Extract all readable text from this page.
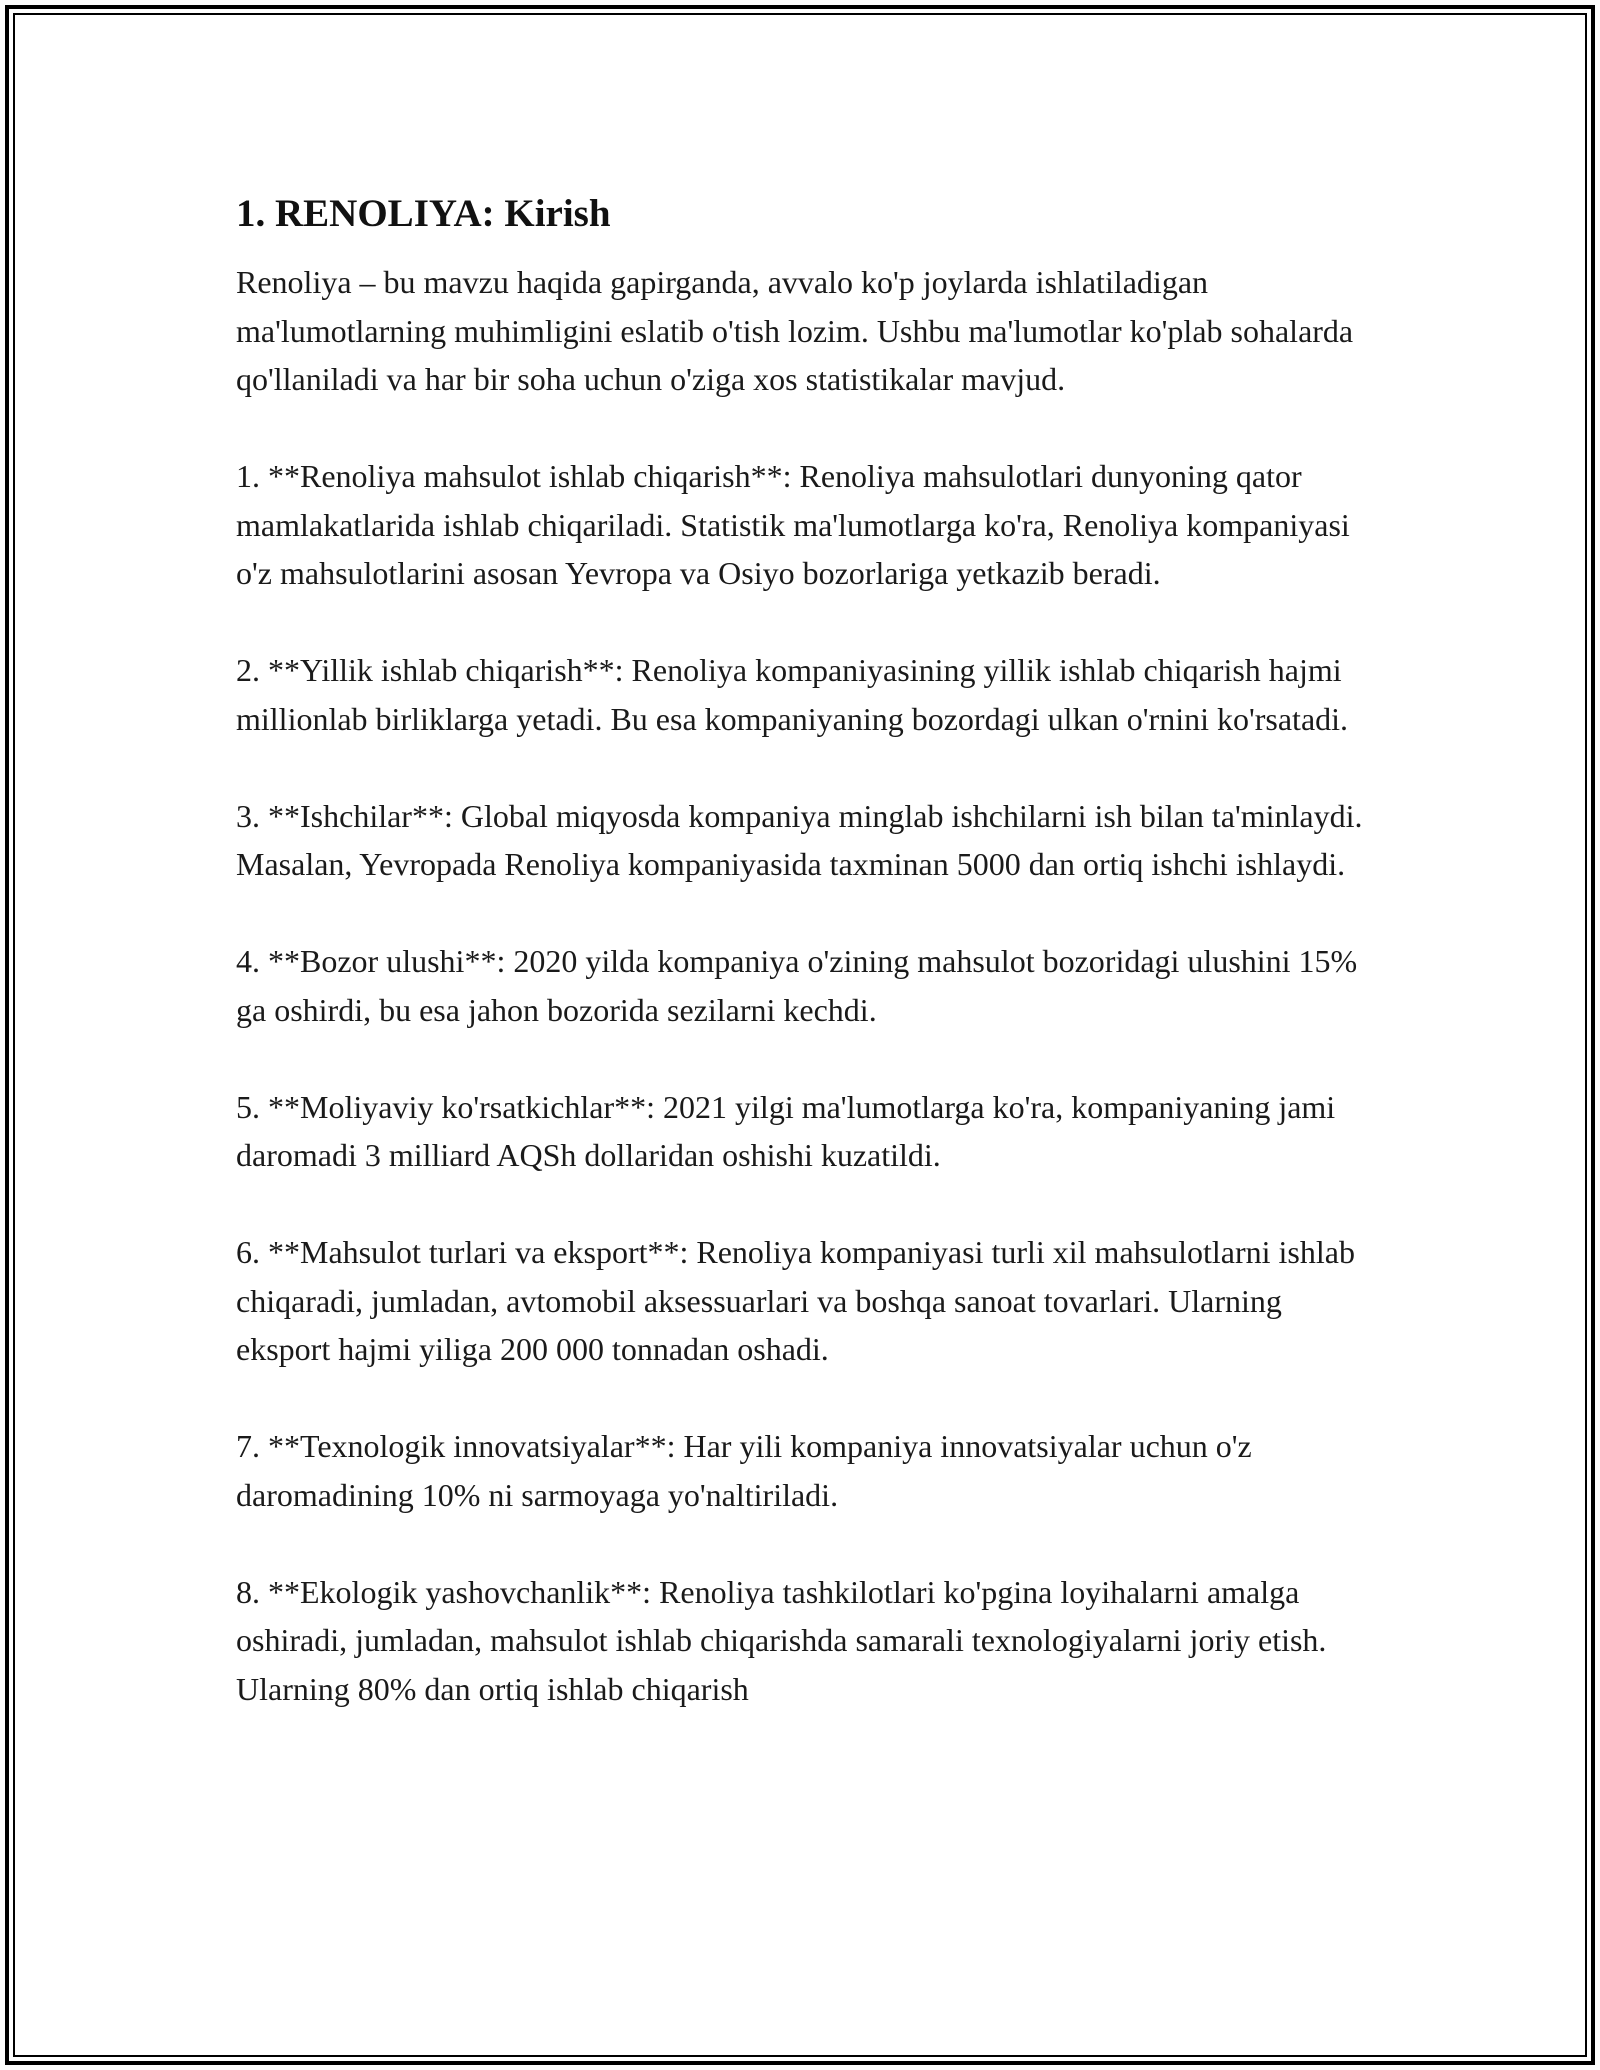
1. RENOLIYA: Kirish

Renoliya – bu mavzu haqida gapirganda, avvalo ko'p joylarda ishlatiladigan ma'lumotlarning muhimligini eslatib o'tish lozim. Ushbu ma'lumotlar ko'plab sohalarda qo'llaniladi va har bir soha uchun o'ziga xos statistikalar mavjud.

1. **Renoliya mahsulot ishlab chiqarish**: Renoliya mahsulotlari dunyoning qator mamlakatlarida ishlab chiqariladi. Statistik ma'lumotlarga ko'ra, Renoliya kompaniyasi o'z mahsulotlarini asosan Yevropa va Osiyo bozorlariga yetkazib beradi.

2. **Yillik ishlab chiqarish**: Renoliya kompaniyasining yillik ishlab chiqarish hajmi millionlab birliklarga yetadi. Bu esa kompaniyaning bozordagi ulkan o'rnini ko'rsatadi.

3. **Ishchilar**: Global miqyosda kompaniya minglab ishchilarni ish bilan ta'minlaydi. Masalan, Yevropada Renoliya kompaniyasida taxminan 5000 dan ortiq ishchi ishlaydi.

4. **Bozor ulushi**: 2020 yilda kompaniya o'zining mahsulot bozoridagi ulushini 15% ga oshirdi, bu esa jahon bozorida sezilarni kechdi.

5. **Moliyaviy ko'rsatkichlar**: 2021 yilgi ma'lumotlarga ko'ra, kompaniyaning jami daromadi 3 milliard AQSh dollaridan oshishi kuzatildi.

6. **Mahsulot turlari va eksport**: Renoliya kompaniyasi turli xil mahsulotlarni ishlab chiqaradi, jumladan, avtomobil aksessuarlari va boshqa sanoat tovarlari. Ularning eksport hajmi yiliga 200 000 tonnadan oshadi.

7. **Texnologik innovatsiyalar**: Har yili kompaniya innovatsiyalar uchun o'z daromadining 10% ni sarmoyaga yo'naltiriladi.

8. **Ekologik yashovchanlik**: Renoliya tashkilotlari ko'pgina loyihalarni amalga oshiradi, jumladan, mahsulot ishlab chiqarishda samarali texnologiyalarni joriy etish. Ularning 80% dan ortiq ishlab chiqarish
